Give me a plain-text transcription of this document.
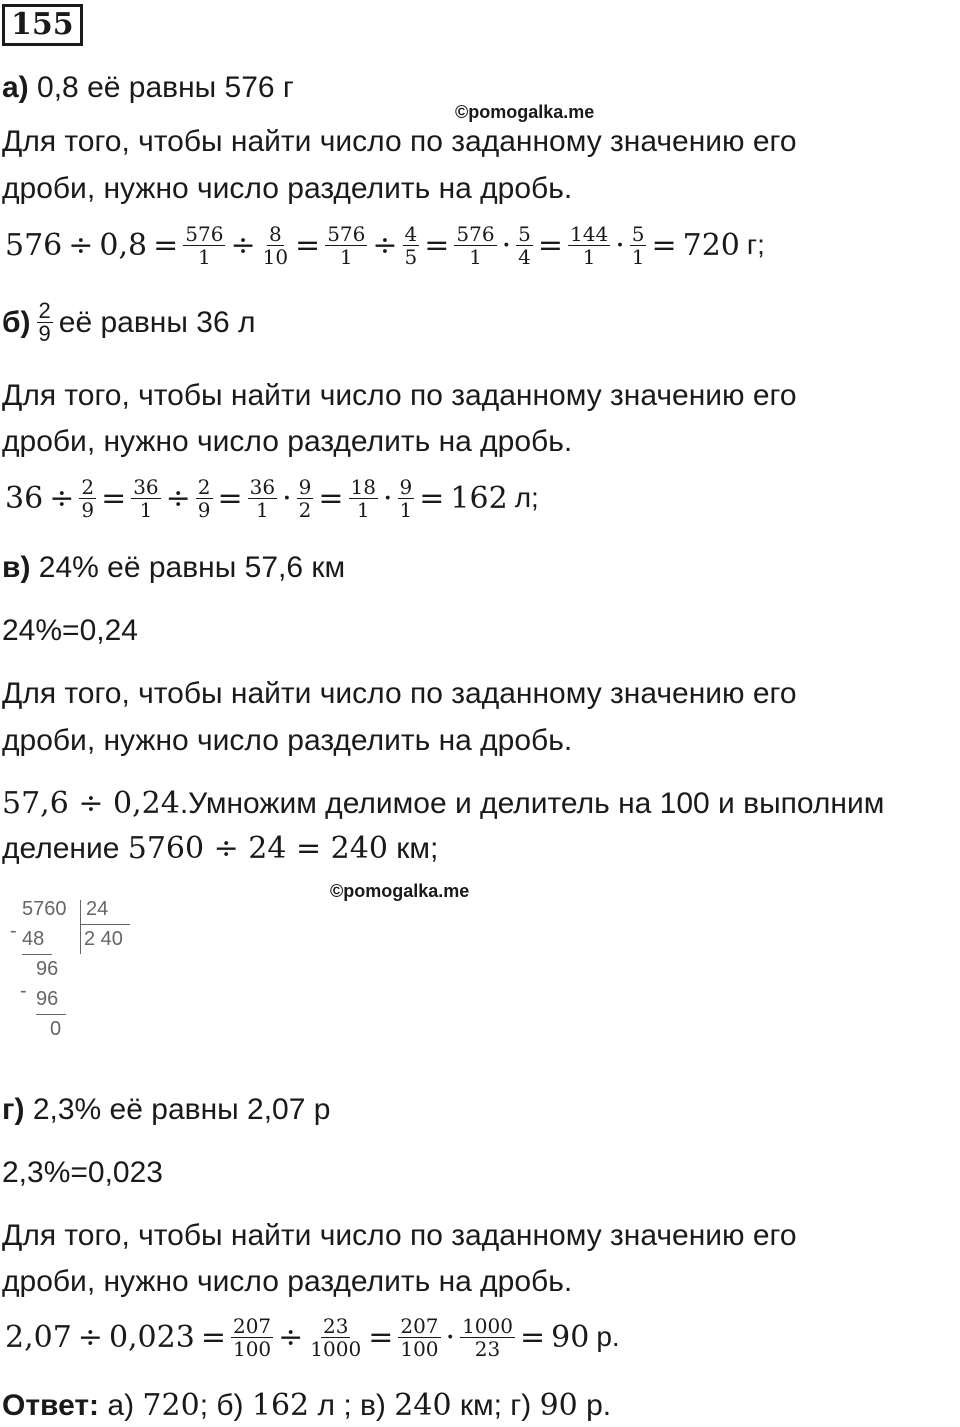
155
а) 0,8 её равны 576 г
©pomogalka.me
Для того, чтобы найти число по заданному значению его
дроби, нужно число разделить на дробь.
$576 \div 0,8 = \frac{576}{1} \div \frac{8}{10} = \frac{576}{1} \div \frac{4}{5} = \frac{576}{1} \cdot \frac{5}{4} = \frac{144}{1} \cdot \frac{5}{1} = 720$ г;
$б) \frac{2}{9}$ её равны 36 л
Для того, чтобы найти число по заданному значению его
дроби, нужно число разделить на дробь.
$36 \div \frac{2}{9} = \frac{36}{1} \div \frac{2}{9} = \frac{36}{1} \cdot \frac{9}{2} = \frac{18}{1} \cdot \frac{9}{1} = 162$ л;
в) 24% её равны 57,6 км
24%=0,24
Для того, чтобы найти число по заданному значению его
дроби, нужно число разделить на дробь.
57,6 ÷ 0,24.Умножим делимое и делитель на 100 и выполним
деление 5760 ÷ 24 = 240 км;
©pomogalka.me
5760 24
2 40
- 48
96
- 96
0
г) 2,3% её равны 2,07 р
2,3%=0,023
Для того, чтобы найти число по заданному значению его
дроби, нужно число разделить на дробь.
$2,07 \div 0,023 = \frac{207}{100} \div \frac{23}{1000} = \frac{207}{100} \cdot \frac{1000}{23} = 90$ р.
Ответ: а) 720; б) 162 л ; в) 240 км; г) 90 р.
